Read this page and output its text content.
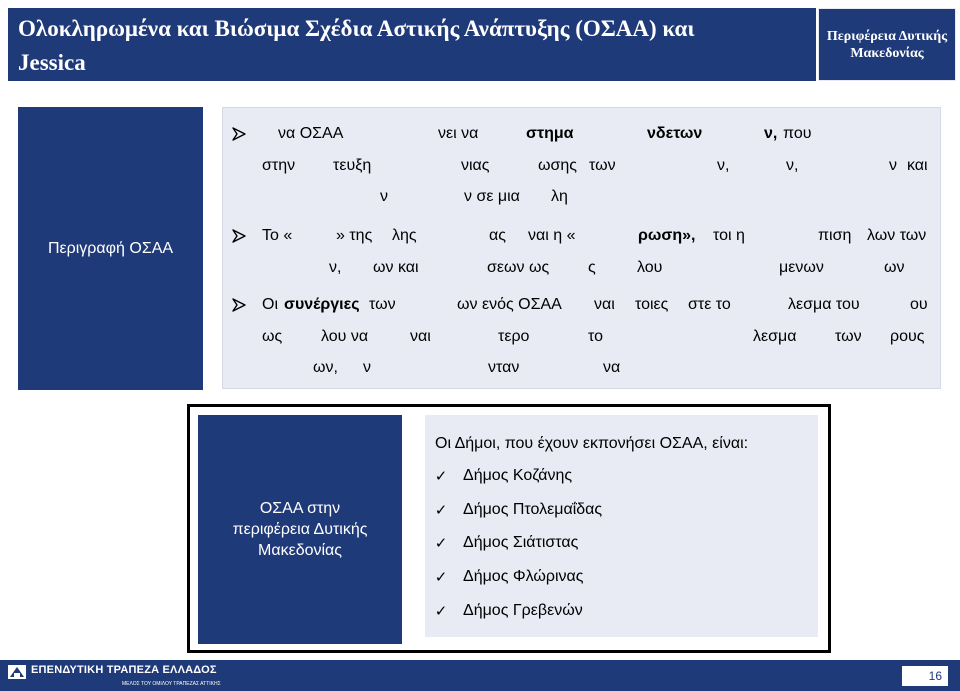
Ολοκληρωμένα και Βιώσιμα Σχέδια Αστικής Ανάπτυξης (ΟΣΑΑ) και
Jessica
Περιφέρεια Δυτικής
Μακεδονίας
Περιγραφή ΟΣΑΑ
να ΟΣΑΑ	νει να	στημα	νδετων	ν, που
στην τευξη	νιας	ωσης των	ν,	ν,	ν και
ν	ν σε μια λη
Το «	» της λης	ας ναι η «	ρωση», τοι η	πιση λων των
ν, ων και	σεων ως ς	λου	μενων	ων
Οι συνέργιες των	ων ενός ΟΣΑΑ ναι τοιες στε το	λεσμα του	ου
ως λου να	ναι	τερο	το	λεσμα των ρους
ων, ν	νταν	να
ΟΣΑΑ στην
περιφέρεια Δυτικής
Μακεδονίας
Οι Δήμοι, που έχουν εκπονήσει ΟΣΑΑ, είναι:
✓ Δήμος Κοζάνης
✓ Δήμος Πτολεμαΐδας
✓ Δήμος Σιάτιστας
✓ Δήμος Φλώρινας
✓ Δήμος Γρεβενών
ΕΠΕΝΔΥΤΙΚΗ ΤΡΑΠΕΖΑ ΕΛΛΑΔΟΣ
ΜΕΛΟΣ ΤΟΥ ΟΜΙΛΟΥ ΤΡΑΠΕΖΑΣ ΑΤΤΙΚΗΣ
16
